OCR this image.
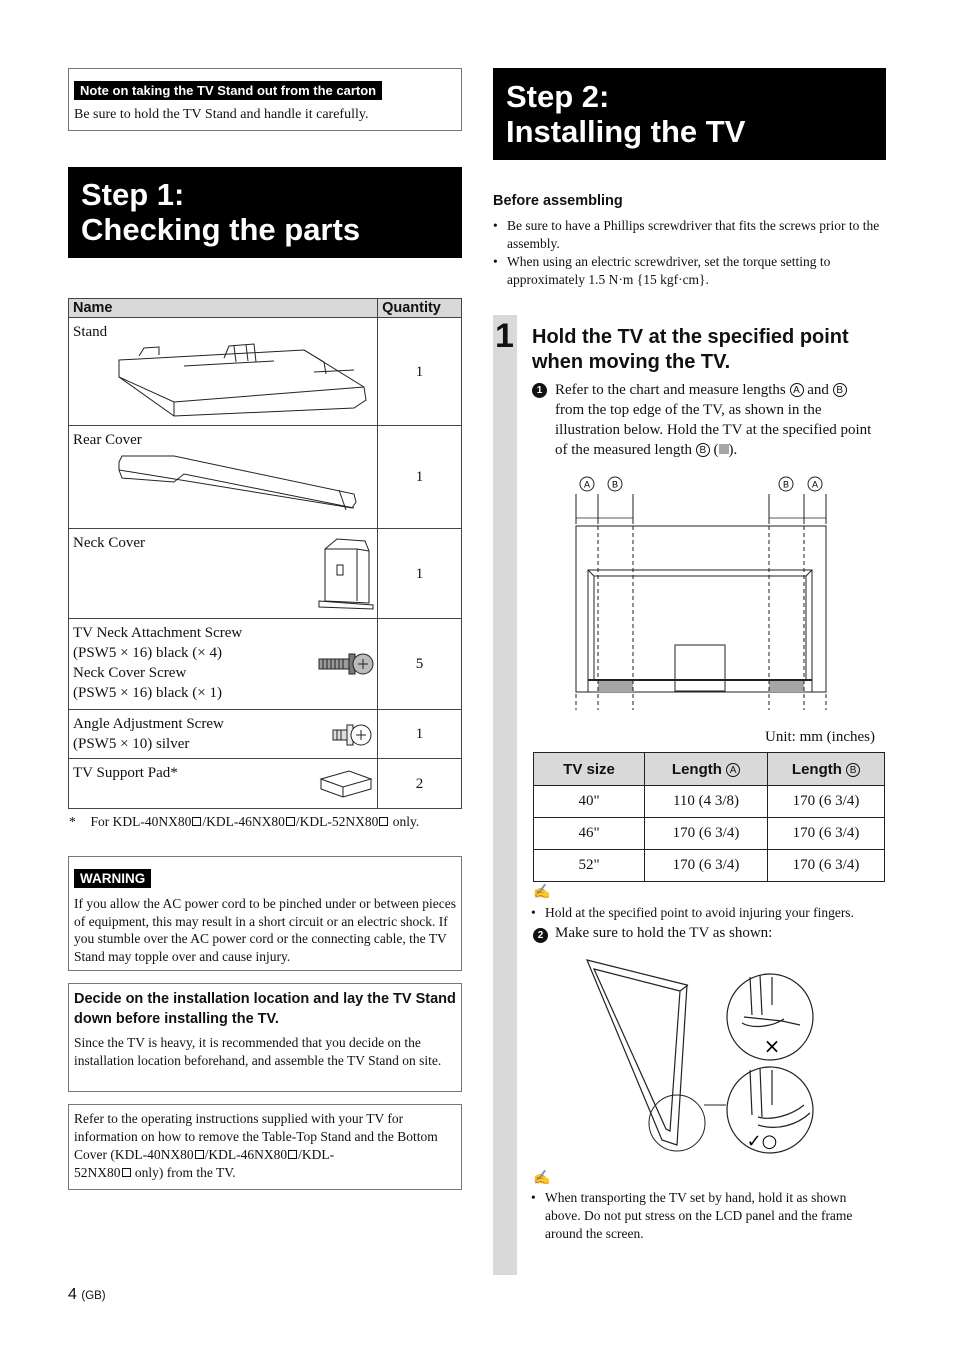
Note on taking the TV Stand out from the carton
Be sure to hold the TV Stand and handle it carefully.
Step 1:
Checking the parts
Name	Quantity
Stand	1
Rear Cover	1
Neck Cover	1

TV Neck Attachment Screw
(PSW5 × 16) black (× 4)
Neck Cover Screw
(PSW5 × 16) black (× 1)	5

Angle Adjustment Screw
(PSW5 × 10) silver	1
TV Support Pad*	2
* For KDL-40NX80 /KDL-46NX80 /KDL-52NX80 only.
WARNING
If you allow the AC power cord to be pinched under or between pieces of equipment, this may result in a short circuit or an electric shock. If you stumble over the AC power cord or the connecting cable, the TV Stand may topple over and cause injury.
Decide on the installation location and lay the TV Stand down before installing the TV.
Since the TV is heavy, it is recommended that you decide on the installation location beforehand, and assemble the TV Stand on site.
Refer to the operating instructions supplied with your TV for information on how to remove the Table-Top Stand and the Bottom Cover (KDL-40NX80 /KDL-46NX80 /KDL-
52NX80 only) from the TV.
4 (GB)
Step 2:
Installing the TV
Before assembling
• Be sure to have a Phillips screwdriver that fits the screws prior to the assembly.
• When using an electric screwdriver, set the torque setting to approximately 1.5 N·m {15 kgf·cm}.
1 Hold the TV at the specified point when moving the TV.
1 Refer to the chart and measure lengths A and B from the top edge of the TV, as shown in the illustration below. Hold the TV at the specified point of the measured length B ( ).
A B	B	A
Unit: mm (inches)
TV size	Length A	Length B
40"	110 (4 3/8)	170 (6 3/4)
46"	170 (6 3/4)	170 (6 3/4)
52"	170 (6 3/4)	170 (6 3/4)
✍
• Hold at the specified point to avoid injuring your fingers.
2 Make sure to hold the TV as shown:
×
✓○
✍
• When transporting the TV set by hand, hold it as shown above. Do not put stress on the LCD panel and the frame around the screen.
